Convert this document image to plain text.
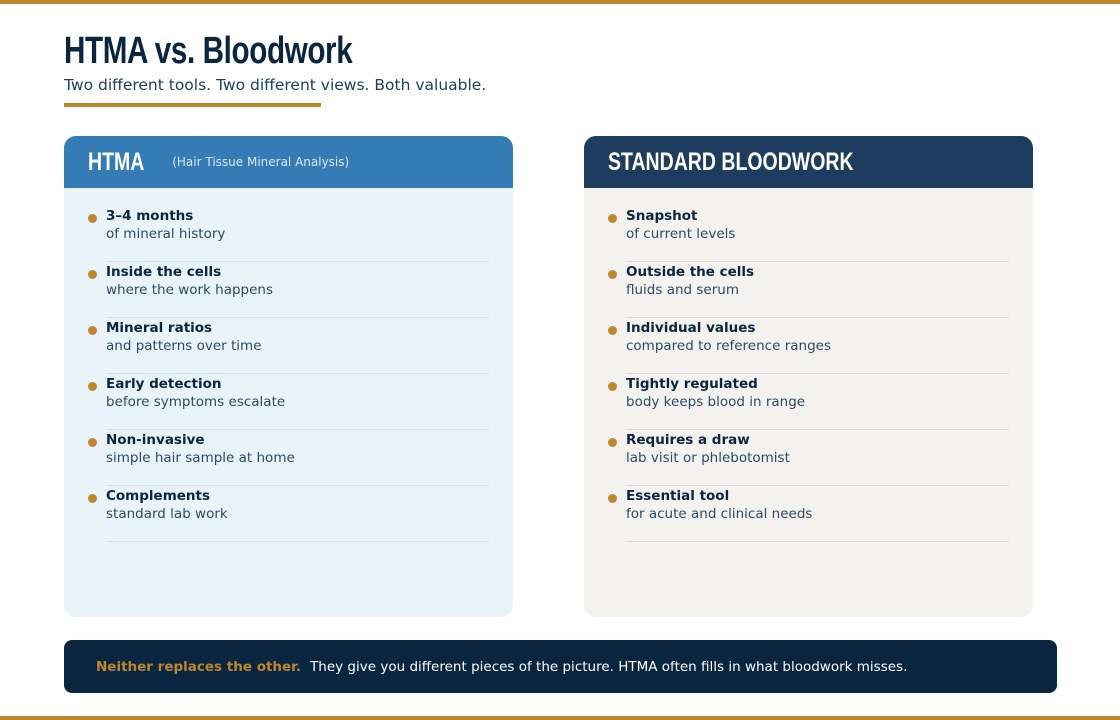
HTMA vs. Bloodwork
Two different tools. Two different views. Both valuable.
HTMA (Hair Tissue Mineral Analysis)
3–4 months
of mineral history
Inside the cells
where the work happens
Mineral ratios
and patterns over time
Early detection
before symptoms escalate
Non-invasive
simple hair sample at home
Complements
standard lab work
STANDARD BLOODWORK
Snapshot
of current levels
Outside the cells
fluids and serum
Individual values
compared to reference ranges
Tightly regulated
body keeps blood in range
Requires a draw
lab visit or phlebotomist
Essential tool
for acute and clinical needs
Neither replaces the other. They give you different pieces of the picture. HTMA often fills in what bloodwork misses.
